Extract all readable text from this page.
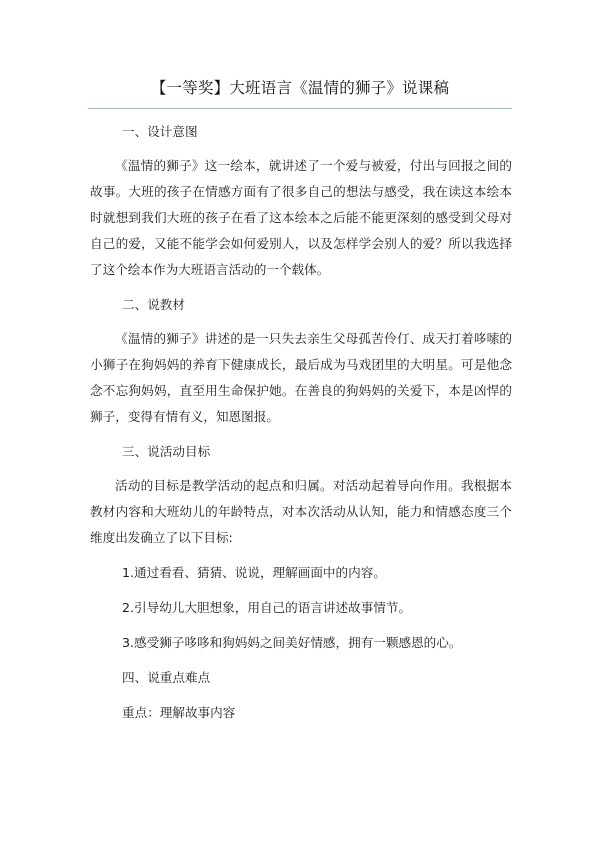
【一等奖】大班语言《温情的狮子》说课稿

一、设计意图

《温情的狮子》这一绘本，就讲述了一个爱与被爱，付出与回报之间的故事。大班的孩子在情感方面有了很多自己的想法与感受，我在读这本绘本时就想到我们大班的孩子在看了这本绘本之后能不能更深刻的感受到父母对自己的爱，又能不能学会如何爱别人，以及怎样学会别人的爱？所以我选择了这个绘本作为大班语言活动的一个载体。

二、说教材

《温情的狮子》讲述的是一只失去亲生父母孤苦伶仃、成天打着哆嗦的小狮子在狗妈妈的养育下健康成长，最后成为马戏团里的大明星。可是他念念不忘狗妈妈，直至用生命保护她。在善良的狗妈妈的关爱下，本是凶悍的狮子，变得有情有义，知恩图报。

三、说活动目标

活动的目标是教学活动的起点和归属。对活动起着导向作用。我根据本教材内容和大班幼儿的年龄特点，对本次活动从认知，能力和情感态度三个维度出发确立了以下目标:

1.通过看看、猜猜、说说，理解画面中的内容。

2.引导幼儿大胆想象，用自己的语言讲述故事情节。

3.感受狮子哆哆和狗妈妈之间美好情感，拥有一颗感恩的心。

四、说重点难点

重点：理解故事内容
